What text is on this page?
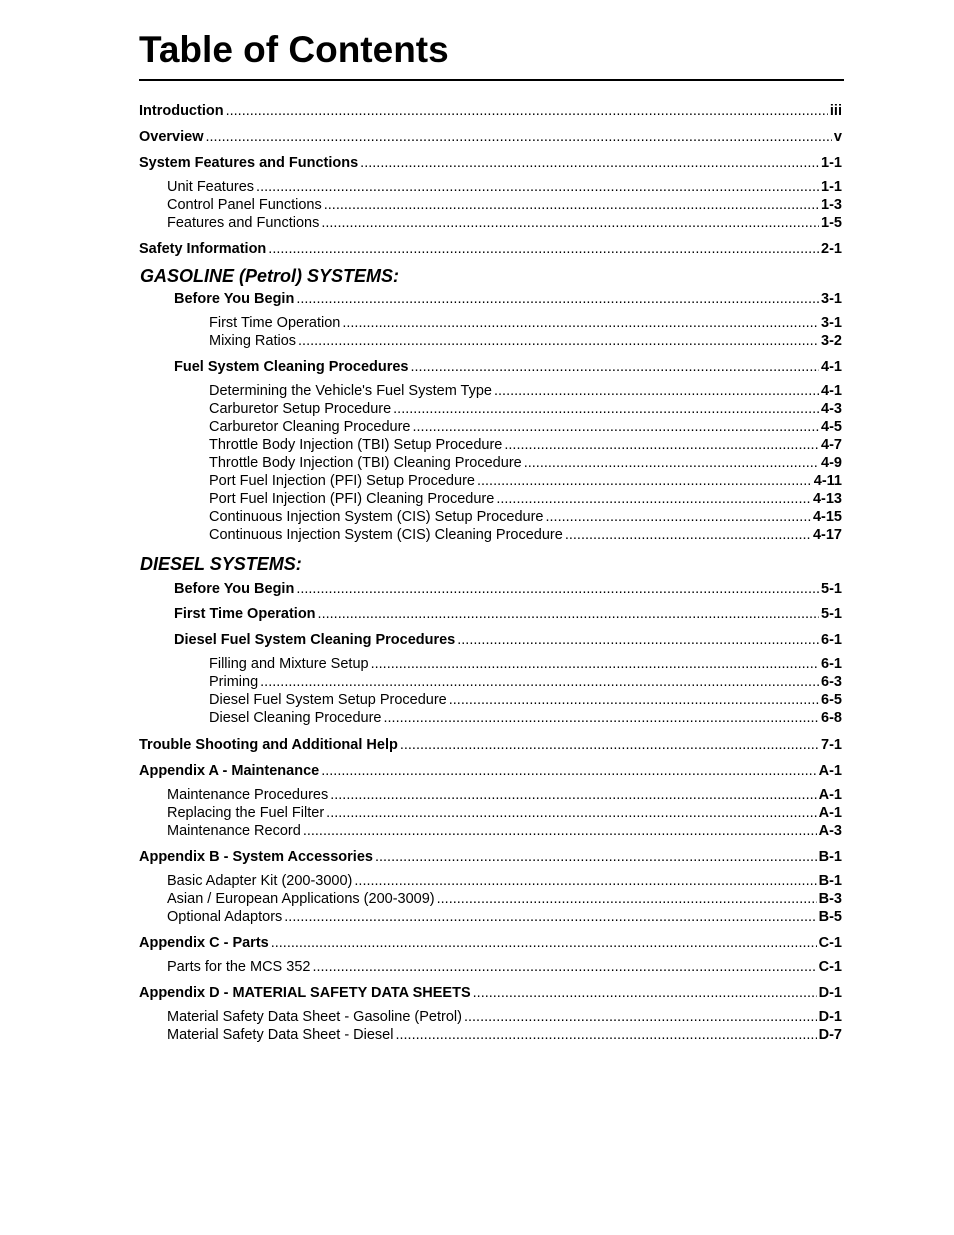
Table of Contents
Introduction .....	iii
Overview .....	v
System Features and Functions .....	1-1
Unit Features .....	1-1
Control Panel Functions .....	1-3
Features and Functions .....	1-5
Safety Information .....	2-1
GASOLINE (Petrol) SYSTEMS:
Before You Begin .....	3-1
First Time Operation .....	3-1
Mixing Ratios .....	3-2
Fuel System Cleaning Procedures .....	4-1
Determining the Vehicle's Fuel System Type .....	4-1
Carburetor Setup Procedure .....	4-3
Carburetor Cleaning Procedure .....	4-5
Throttle Body Injection (TBI) Setup Procedure .....	4-7
Throttle Body Injection (TBI) Cleaning Procedure .....	4-9
Port Fuel Injection (PFI) Setup Procedure .....	4-11
Port Fuel Injection (PFI) Cleaning Procedure .....	4-13
Continuous Injection System (CIS) Setup Procedure .....	4-15
Continuous Injection System (CIS) Cleaning Procedure .....	4-17
DIESEL SYSTEMS:
Before You Begin .....	5-1
First Time Operation .....	5-1
Diesel Fuel System Cleaning Procedures .....	6-1
Filling and Mixture Setup .....	6-1
Priming .....	6-3
Diesel Fuel System Setup Procedure .....	6-5
Diesel Cleaning Procedure .....	6-8
Trouble Shooting and Additional Help .....	7-1
Appendix A - Maintenance .....	A-1
Maintenance Procedures .....	A-1
Replacing the Fuel Filter .....	A-1
Maintenance Record .....	A-3
Appendix B - System Accessories .....	B-1
Basic Adapter Kit (200-3000) .....	B-1
Asian / European Applications (200-3009) .....	B-3
Optional Adaptors .....	B-5
Appendix C - Parts .....	C-1
Parts for the MCS 352 .....	C-1
Appendix D - MATERIAL SAFETY DATA SHEETS .....	D-1
Material Safety Data Sheet - Gasoline (Petrol) .....	D-1
Material Safety Data Sheet - Diesel .....	D-7
